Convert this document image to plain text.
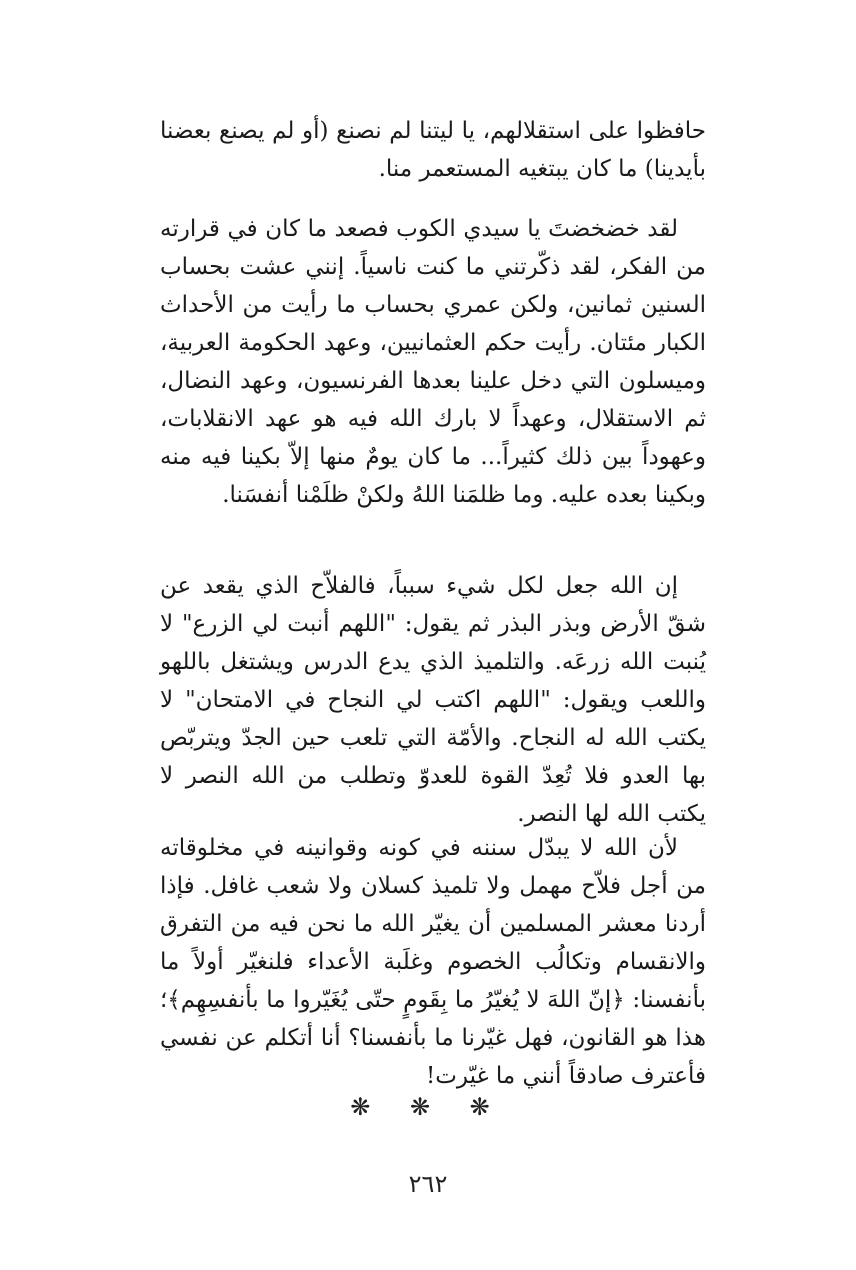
حافظوا على استقلالهم، يا ليتنا لم نصنع (أو لم يصنع بعضنا بأيدينا) ما كان يبتغيه المستعمر منا.

لقد خضخضتَ يا سيدي الكوب فصعد ما كان في قرارته من الفكر، لقد ذكّرتني ما كنت ناسياً. إنني عشت بحساب السنين ثمانين، ولكن عمري بحساب ما رأيت من الأحداث الكبار مئتان. رأيت حكم العثمانيين، وعهد الحكومة العربية، وميسلون التي دخل علينا بعدها الفرنسيون، وعهد النضال، ثم الاستقلال، وعهداً لا بارك الله فيه هو عهد الانقلابات، وعهوداً بين ذلك كثيراً... ما كان يومٌ منها إلاّ بكينا فيه منه وبكينا بعده عليه. وما ظلمَنا اللهُ ولكنْ ظلَمْنا أنفسَنا.

إن الله جعل لكل شيء سبباً، فالفلاّح الذي يقعد عن شقّ الأرض وبذر البذر ثم يقول: "اللهم أنبت لي الزرع" لا يُنبت الله زرعَه. والتلميذ الذي يدع الدرس ويشتغل باللهو واللعب ويقول: "اللهم اكتب لي النجاح في الامتحان" لا يكتب الله له النجاح. والأمّة التي تلعب حين الجدّ ويتربّص بها العدو فلا تُعِدّ القوة للعدوّ وتطلب من الله النصر لا يكتب الله لها النصر.

لأن الله لا يبدّل سننه في كونه وقوانينه في مخلوقاته من أجل فلاّح مهمل ولا تلميذ كسلان ولا شعب غافل. فإذا أردنا معشر المسلمين أن يغيّر الله ما نحن فيه من التفرق والانقسام وتكالُب الخصوم وغلَبة الأعداء فلنغيّر أولاً ما بأنفسنا: ﴿إنّ اللهَ لا يُغيّرُ ما بِقَومٍ حتّى يُغَيّروا ما بأنفسِهِم﴾؛ هذا هو القانون، فهل غيّرنا ما بأنفسنا؟ أنا أتكلم عن نفسي فأعترف صادقاً أنني ما غيّرت!

❋ ❋ ❋
٢٦٢
